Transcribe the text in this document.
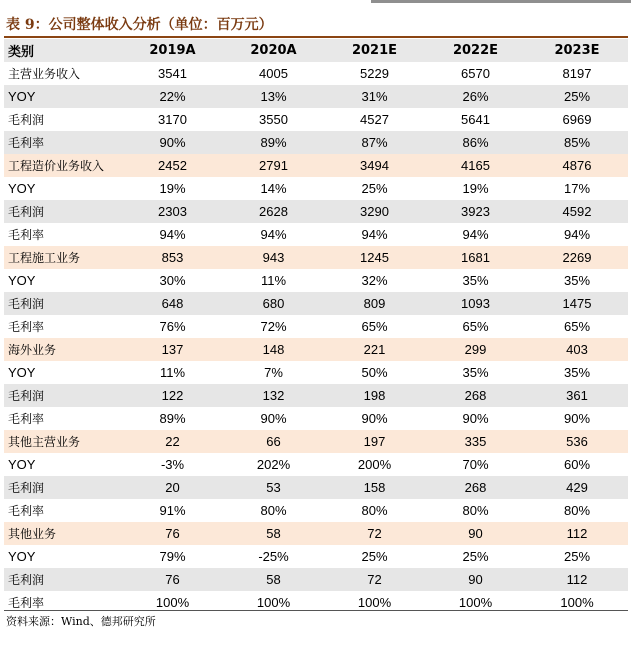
表 9：公司整体收入分析（单位：百万元）
类别	2019A	2020A	2021E	2022E	2023E
主营业务收入	3541	4005	5229	6570	8197
YOY	22%	13%	31%	26%	25%
毛利润	3170	3550	4527	5641	6969
毛利率	90%	89%	87%	86%	85%
工程造价业务收入	2452	2791	3494	4165	4876
YOY	19%	14%	25%	19%	17%
毛利润	2303	2628	3290	3923	4592
毛利率	94%	94%	94%	94%	94%
工程施工业务	853	943	1245	1681	2269
YOY	30%	11%	32%	35%	35%
毛利润	648	680	809	1093	1475
毛利率	76%	72%	65%	65%	65%
海外业务	137	148	221	299	403
YOY	11%	7%	50%	35%	35%
毛利润	122	132	198	268	361
毛利率	89%	90%	90%	90%	90%
其他主营业务	22	66	197	335	536
YOY	-3%	202%	200%	70%	60%
毛利润	20	53	158	268	429
毛利率	91%	80%	80%	80%	80%
其他业务	76	58	72	90	112
YOY	79%	-25%	25%	25%	25%
毛利润	76	58	72	90	112
毛利率	100%	100%	100%	100%	100%
资料来源：Wind、德邦研究所
